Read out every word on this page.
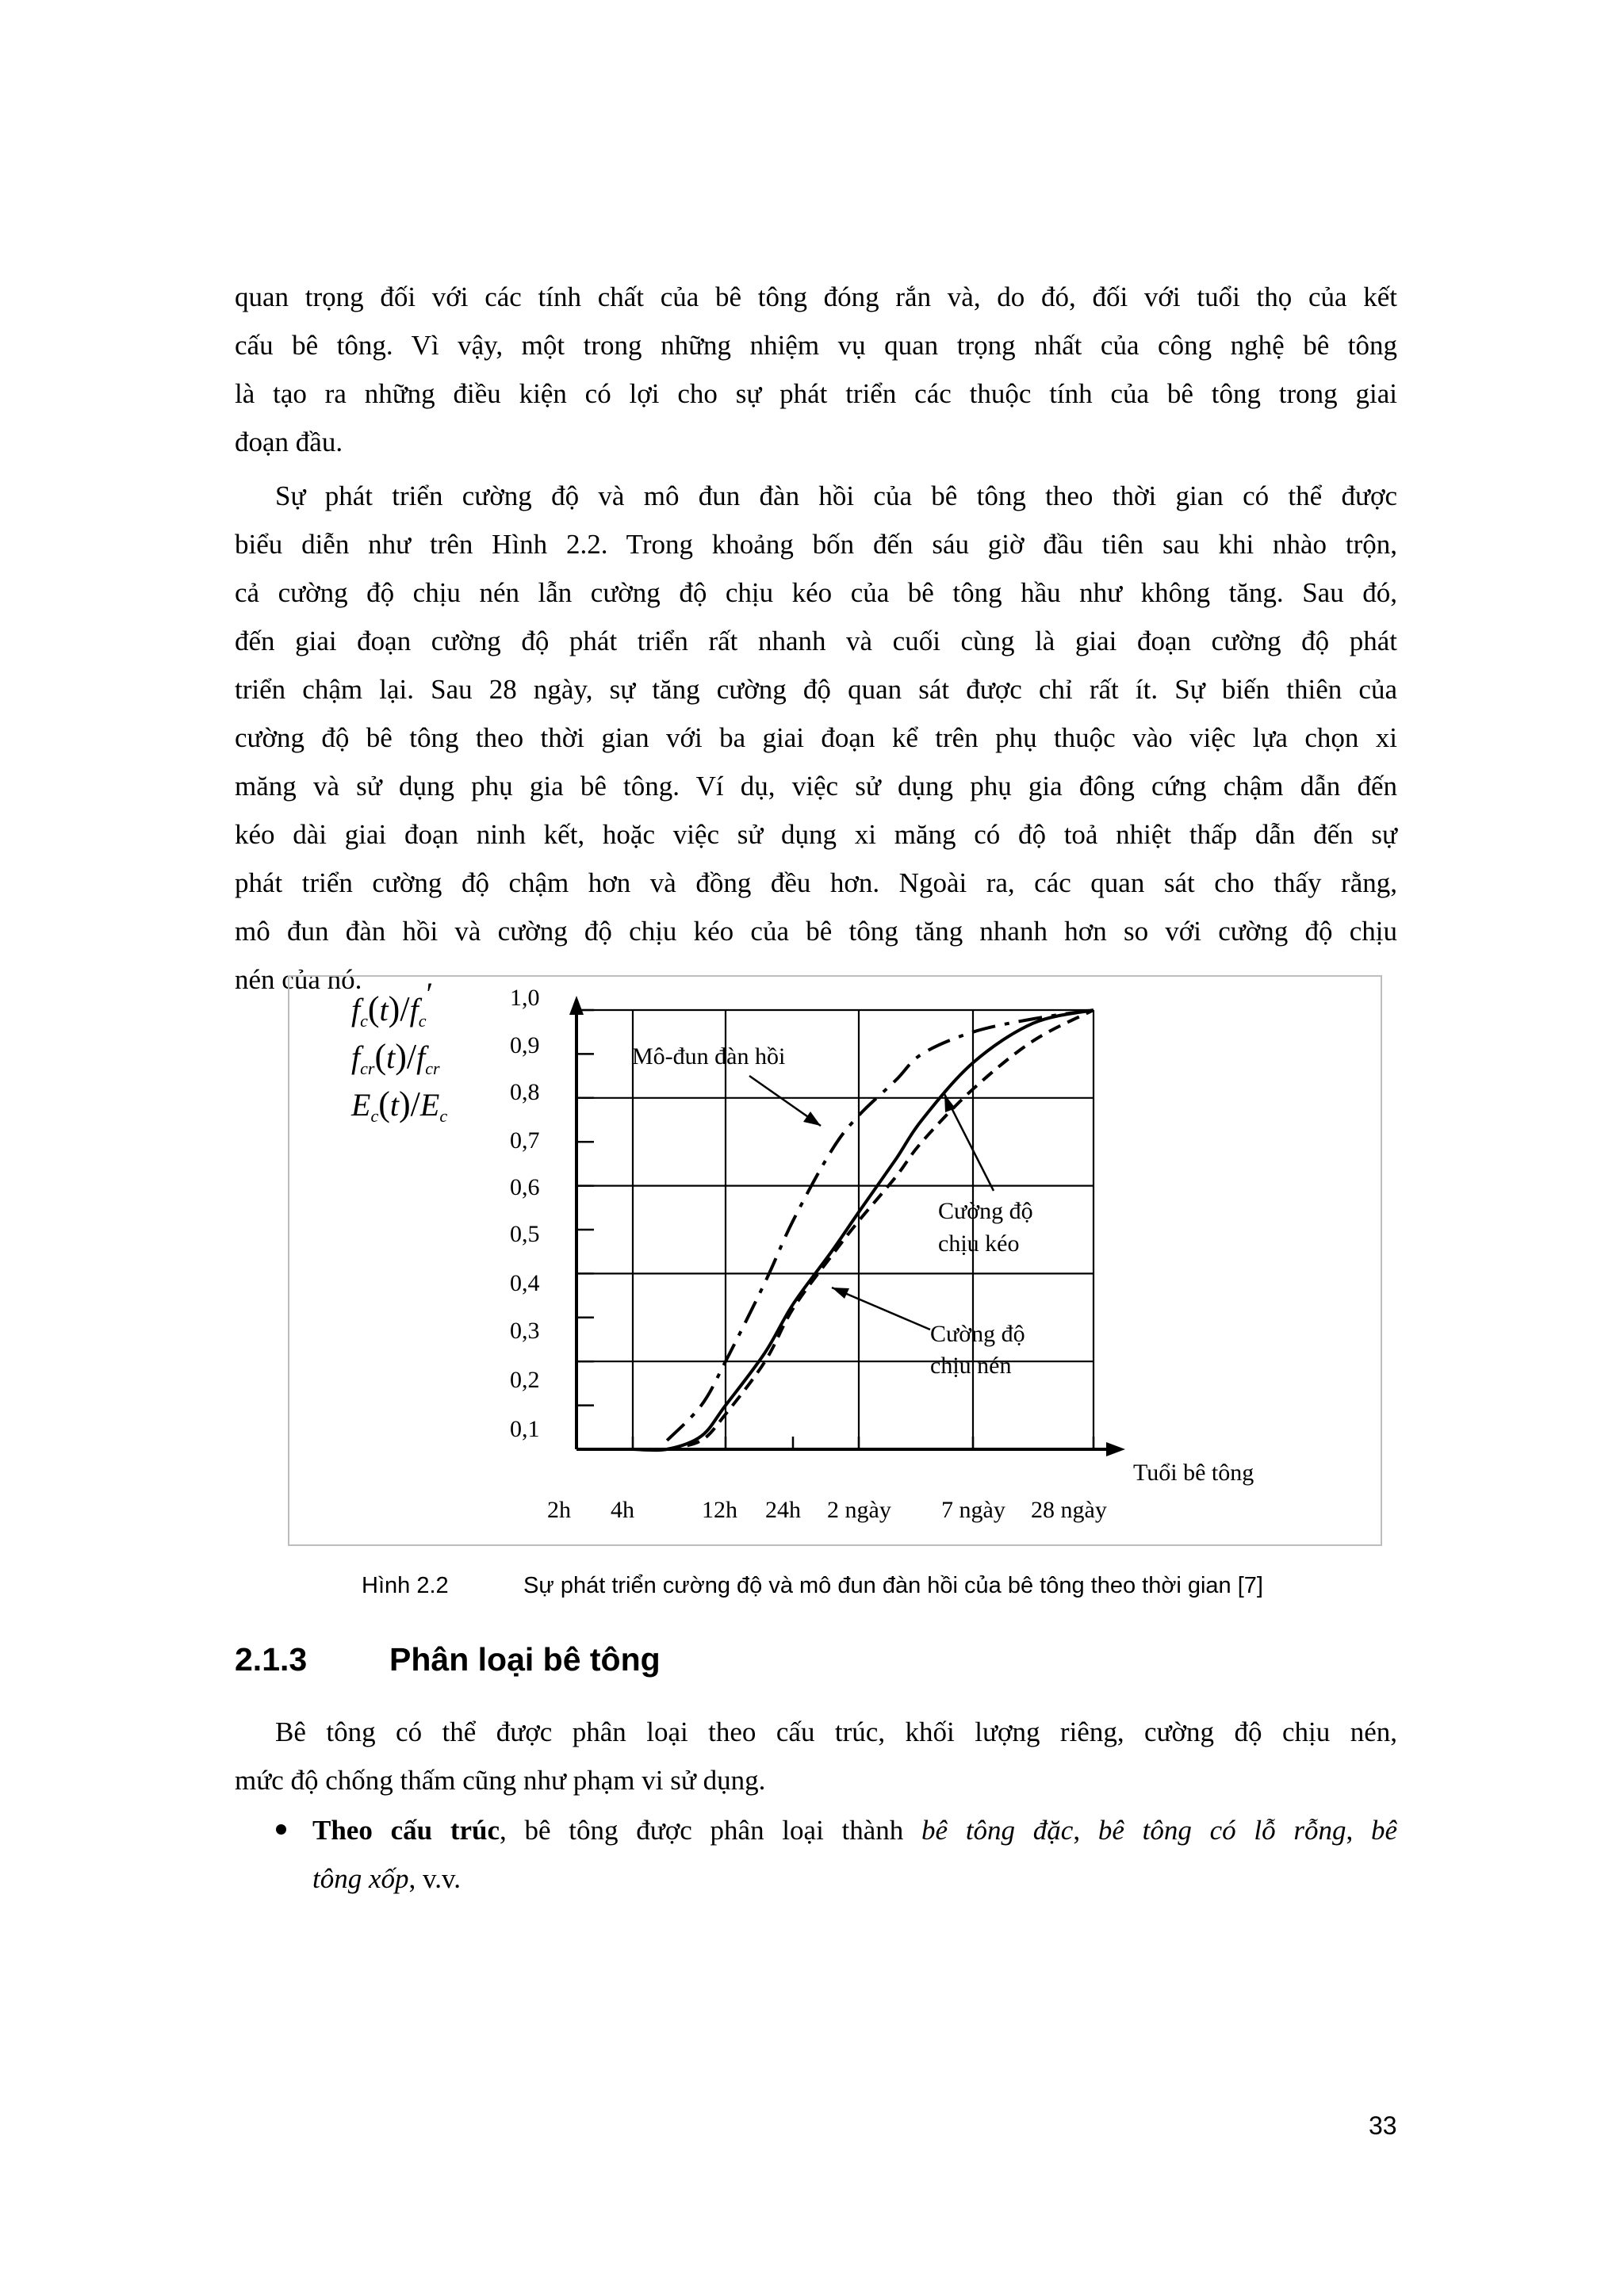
quan trọng đối với các tính chất của bê tông đóng rắn và, do đó, đối với tuổi thọ của kết
cấu bê tông. Vì vậy, một trong những nhiệm vụ quan trọng nhất của công nghệ bê tông
là tạo ra những điều kiện có lợi cho sự phát triển các thuộc tính của bê tông trong giai
đoạn đầu.
Sự phát triển cường độ và mô đun đàn hồi của bê tông theo thời gian có thể được
biểu diễn như trên Hình 2.2. Trong khoảng bốn đến sáu giờ đầu tiên sau khi nhào trộn,
cả cường độ chịu nén lẫn cường độ chịu kéo của bê tông hầu như không tăng. Sau đó,
đến giai đoạn cường độ phát triển rất nhanh và cuối cùng là giai đoạn cường độ phát
triển chậm lại. Sau 28 ngày, sự tăng cường độ quan sát được chỉ rất ít. Sự biến thiên của
cường độ bê tông theo thời gian với ba giai đoạn kể trên phụ thuộc vào việc lựa chọn xi
măng và sử dụng phụ gia bê tông. Ví dụ, việc sử dụng phụ gia đông cứng chậm dẫn đến
kéo dài giai đoạn ninh kết, hoặc việc sử dụng xi măng có độ toả nhiệt thấp dẫn đến sự
phát triển cường độ chậm hơn và đồng đều hơn. Ngoài ra, các quan sát cho thấy rằng,
mô đun đàn hồi và cường độ chịu kéo của bê tông tăng nhanh hơn so với cường độ chịu
nén của nó.
1,0
0,9
0,8
0,7
0,6
0,5
0,4
0,3
0,2
0,1
2h 4h	12h 24h 2 ngày 7 ngày 28 ngày
$f_c(t)/f_c'$
$f_{cr}(t)/f_{cr}$
$E_c(t)/E_c$
Mô-đun đàn hồi
Cường độ
chịu kéo
Cường độ
chịu nén
Tuổi bê tông
Hình 2.2	Sự phát triển cường độ và mô đun đàn hồi của bê tông theo thời gian [7]
2.1.3	Phân loại bê tông
Bê tông có thể được phân loại theo cấu trúc, khối lượng riêng, cường độ chịu nén,
mức độ chống thấm cũng như phạm vi sử dụng.
Theo cấu trúc, bê tông được phân loại thành bê tông đặc, bê tông có lỗ rỗng, bê
tông xốp, v.v.
33
